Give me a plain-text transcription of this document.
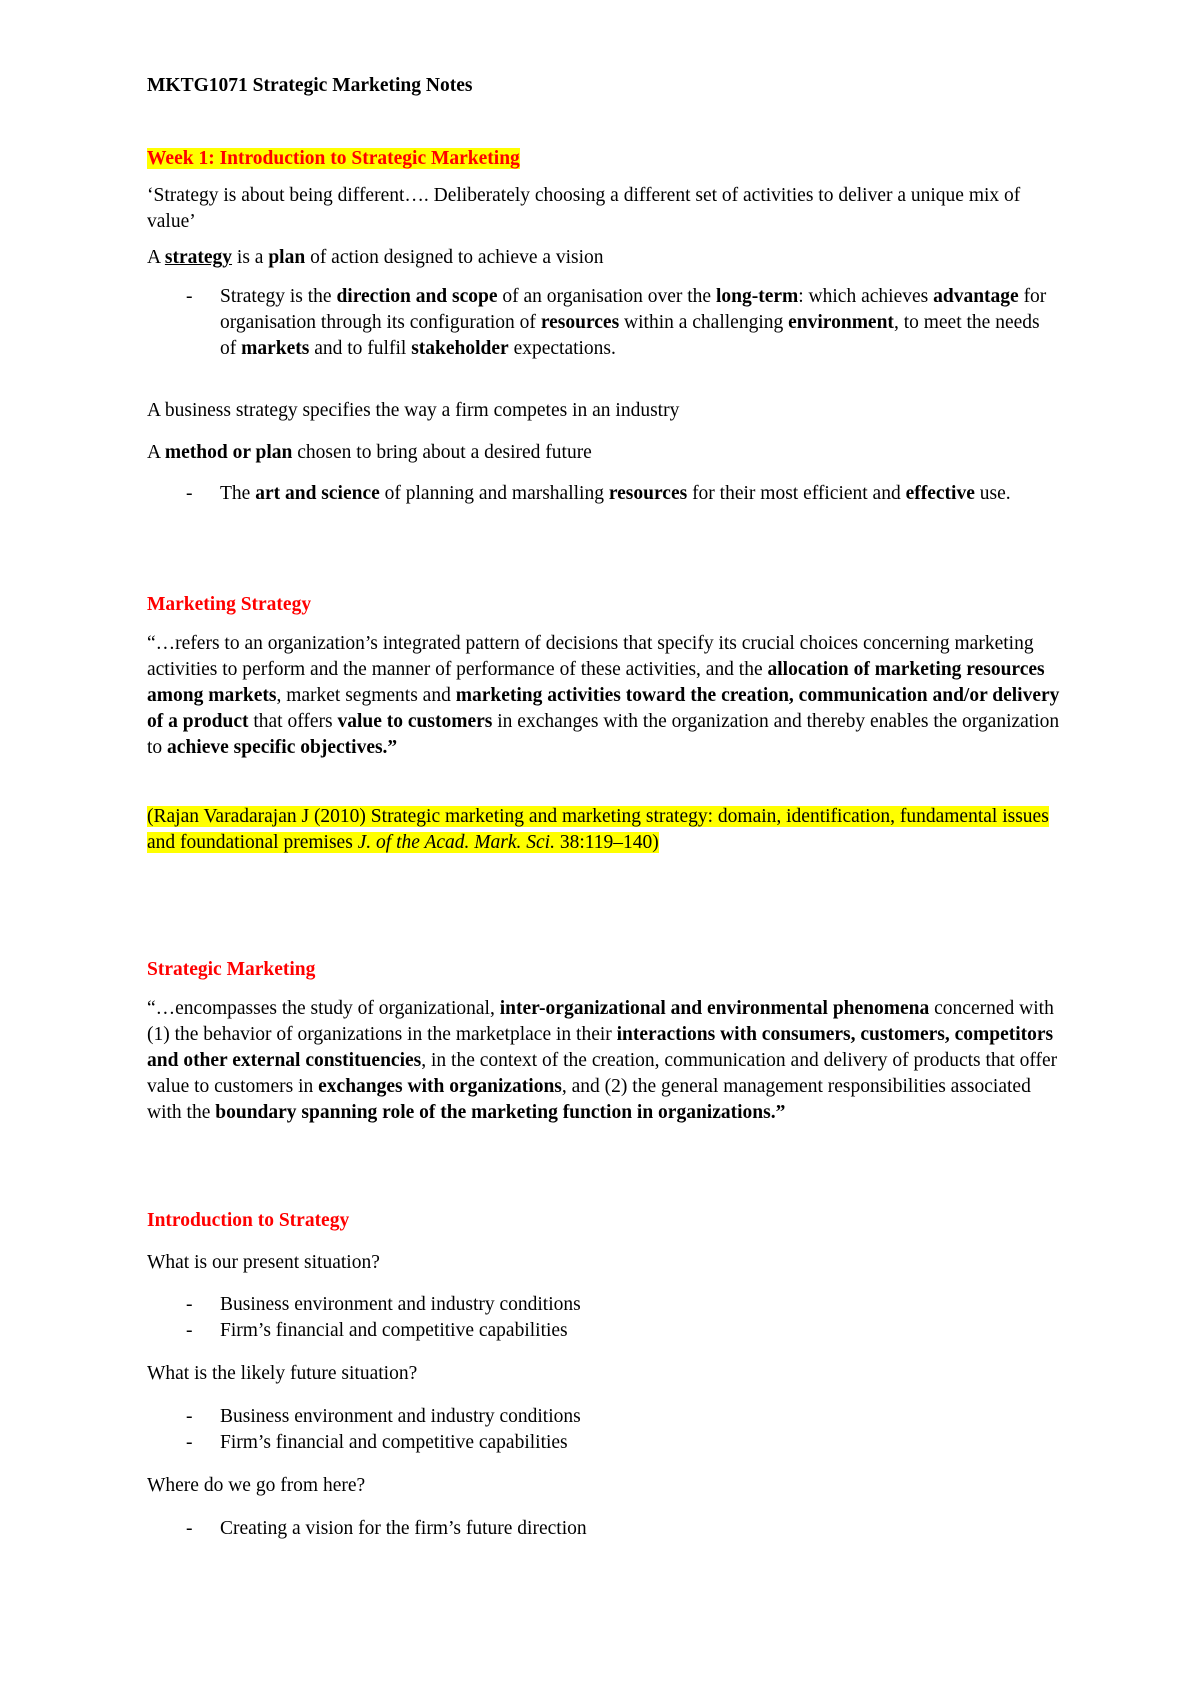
MKTG1071 Strategic Marketing Notes

Week 1: Introduction to Strategic Marketing

‘Strategy is about being different…. Deliberately choosing a different set of activities to deliver a unique mix of value’

A strategy is a plan of action designed to achieve a vision

- Strategy is the direction and scope of an organisation over the long-term: which achieves advantage for organisation through its configuration of resources within a challenging environment, to meet the needs of markets and to fulfil stakeholder expectations.

A business strategy specifies the way a firm competes in an industry

A method or plan chosen to bring about a desired future

- The art and science of planning and marshalling resources for their most efficient and effective use.

Marketing Strategy

“…refers to an organization’s integrated pattern of decisions that specify its crucial choices concerning marketing activities to perform and the manner of performance of these activities, and the allocation of marketing resources among markets, market segments and marketing activities toward the creation, communication and/or delivery of a product that offers value to customers in exchanges with the organization and thereby enables the organization to achieve specific objectives.”

(Rajan Varadarajan J (2010) Strategic marketing and marketing strategy: domain, identification, fundamental issues and foundational premises J. of the Acad. Mark. Sci. 38:119–140)

Strategic Marketing

“…encompasses the study of organizational, inter-organizational and environmental phenomena concerned with (1) the behavior of organizations in the marketplace in their interactions with consumers, customers, competitors and other external constituencies, in the context of the creation, communication and delivery of products that offer value to customers in exchanges with organizations, and (2) the general management responsibilities associated with the boundary spanning role of the marketing function in organizations.”

Introduction to Strategy

What is our present situation?

- Business environment and industry conditions

- Firm’s financial and competitive capabilities

What is the likely future situation?

- Business environment and industry conditions

- Firm’s financial and competitive capabilities

Where do we go from here?

- Creating a vision for the firm’s future direction
